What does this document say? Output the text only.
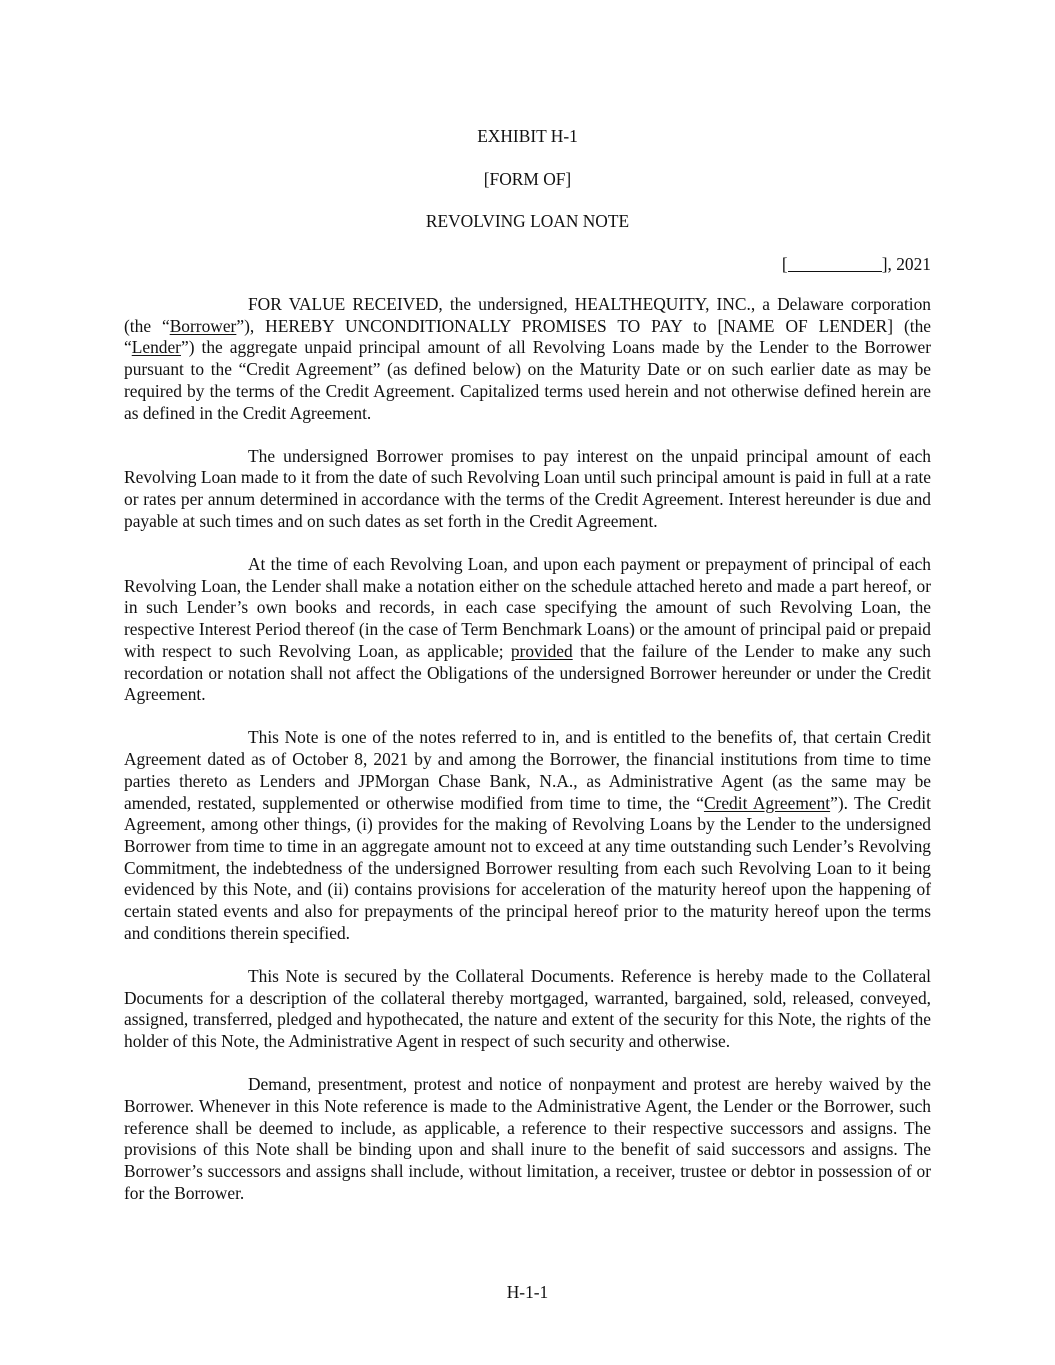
EXHIBIT H-1
[FORM OF]
REVOLVING LOAN NOTE
[	], 2021

FOR VALUE RECEIVED, the undersigned, HEALTHEQUITY, INC., a Delaware corporation (the “Borrower”), HEREBY UNCONDITIONALLY PROMISES TO PAY to [NAME OF LENDER] (the “Lender”) the aggregate unpaid principal amount of all Revolving Loans made by the Lender to the Borrower pursuant to the “Credit Agreement” (as defined below) on the Maturity Date or on such earlier date as may be required by the terms of the Credit Agreement. Capitalized terms used herein and not otherwise defined herein are as defined in the Credit Agreement.

The undersigned Borrower promises to pay interest on the unpaid principal amount of each Revolving Loan made to it from the date of such Revolving Loan until such principal amount is paid in full at a rate or rates per annum determined in accordance with the terms of the Credit Agreement. Interest hereunder is due and payable at such times and on such dates as set forth in the Credit Agreement.

At the time of each Revolving Loan, and upon each payment or prepayment of principal of each Revolving Loan, the Lender shall make a notation either on the schedule attached hereto and made a part hereof, or in such Lender’s own books and records, in each case specifying the amount of such Revolving Loan, the respective Interest Period thereof (in the case of Term Benchmark Loans) or the amount of principal paid or prepaid with respect to such Revolving Loan, as applicable; provided that the failure of the Lender to make any such recordation or notation shall not affect the Obligations of the undersigned Borrower hereunder or under the Credit Agreement.

This Note is one of the notes referred to in, and is entitled to the benefits of, that certain Credit Agreement dated as of October 8, 2021 by and among the Borrower, the financial institutions from time to time parties thereto as Lenders and JPMorgan Chase Bank, N.A., as Administrative Agent (as the same may be amended, restated, supplemented or otherwise modified from time to time, the “Credit Agreement”). The Credit Agreement, among other things, (i) provides for the making of Revolving Loans by the Lender to the undersigned Borrower from time to time in an aggregate amount not to exceed at any time outstanding such Lender’s Revolving Commitment, the indebtedness of the undersigned Borrower resulting from each such Revolving Loan to it being evidenced by this Note, and (ii) contains provisions for acceleration of the maturity hereof upon the happening of certain stated events and also for prepayments of the principal hereof prior to the maturity hereof upon the terms and conditions therein specified.

This Note is secured by the Collateral Documents. Reference is hereby made to the Collateral Documents for a description of the collateral thereby mortgaged, warranted, bargained, sold, released, conveyed, assigned, transferred, pledged and hypothecated, the nature and extent of the security for this Note, the rights of the holder of this Note, the Administrative Agent in respect of such security and otherwise.

Demand, presentment, protest and notice of nonpayment and protest are hereby waived by the Borrower. Whenever in this Note reference is made to the Administrative Agent, the Lender or the Borrower, such reference shall be deemed to include, as applicable, a reference to their respective successors and assigns. The provisions of this Note shall be binding upon and shall inure to the benefit of said successors and assigns. The Borrower’s successors and assigns shall include, without limitation, a receiver, trustee or debtor in possession of or for the Borrower.

H-1-1
